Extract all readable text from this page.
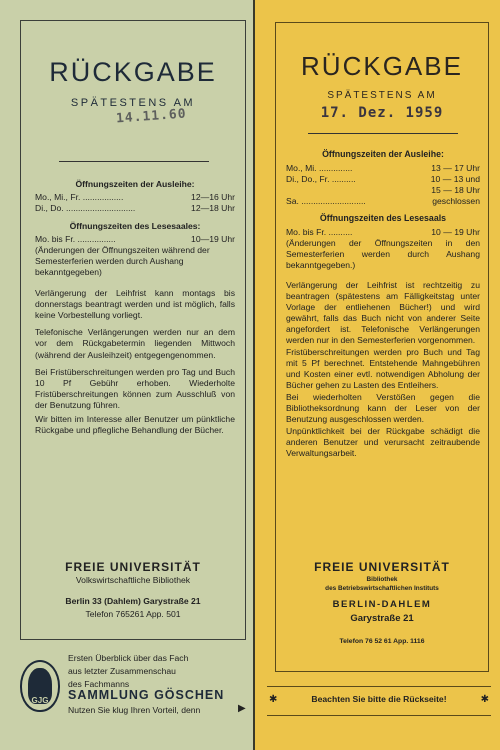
RÜCKGABE
SPÄTESTENS AM
14.11.60
Öffnungszeiten der Ausleihe:
Mo., Mi., Fr. .................	12—16 Uhr
Di., Do. .............................	12—18 Uhr
Öffnungszeiten des Lesesaales:
Mo. bis Fr. ................	10—19 Uhr
(Änderungen der Öffnungszeiten während der Semesterferien werden durch Aushang bekanntgegeben)
Verlängerung der Leihfrist kann montags bis donnerstags beantragt werden und ist möglich, falls keine Vorbestellung vorliegt.
Telefonische Verlängerungen werden nur an dem vor dem Rückgabetermin liegenden Mittwoch (während der Ausleihzeit) entgegengenommen.
Bei Fristüberschreitungen werden pro Tag und Buch 10 Pf Gebühr erhoben. Wiederholte Fristüberschreitungen können zum Ausschluß von der Benutzung führen.
Wir bitten im Interesse aller Benutzer um pünktliche Rückgabe und pflegliche Behandlung der Bücher.
FREIE UNIVERSITÄT
Volkswirtschaftliche Bibliothek
Berlin 33 (Dahlem) Garystraße 21
Telefon 765261 App. 501
GJG
Ersten Überblick über das Fach
aus letzter Zusammenschau
des Fachmanns
SAMMLUNG GÖSCHEN
Nutzen Sie klug Ihren Vorteil, denn	▶
RÜCKGABE
SPÄTESTENS AM
17. Dez. 1959
Öffnungszeiten der Ausleihe:
Mo., Mi. ..............	13 — 17 Uhr
Di., Do., Fr. ..........	10 — 13 und
15 — 18 Uhr
Sa. ...........................	geschlossen
Öffnungszeiten des Lesesaals
Mo. bis Fr. ..........	10 — 19 Uhr
(Änderungen der Öffnungszeiten in den Semesterferien werden durch Aushang bekanntgegeben.)
Verlängerung der Leihfrist ist rechtzeitig zu beantragen (spätestens am Fälligkeitstag unter Vorlage der entliehenen Bücher!) und wird gewährt, falls das Buch nicht von anderer Seite angefordert ist. Telefonische Verlängerungen werden nur in den Semesterferien vorgenommen.
Fristüberschreitungen werden pro Buch und Tag mit 5 Pf berechnet. Entstehende Mahngebühren und Kosten einer evtl. notwendigen Abholung der Bücher gehen zu Lasten des Entleihers.
Bei wiederholten Verstößen gegen die Bibliotheksordnung kann der Leser von der Benutzung ausgeschlossen werden.
Unpünktlichkeit bei der Rückgabe schädigt die anderen Benutzer und verursacht zeitraubende Verwaltungsarbeit.
FREIE UNIVERSITÄT
Bibliothek
des Betriebswirtschaftlichen Instituts
BERLIN-DAHLEM
Garystraße 21
Telefon 76 52 61 App. 1116
✱	Beachten Sie bitte die Rückseite!	✱
